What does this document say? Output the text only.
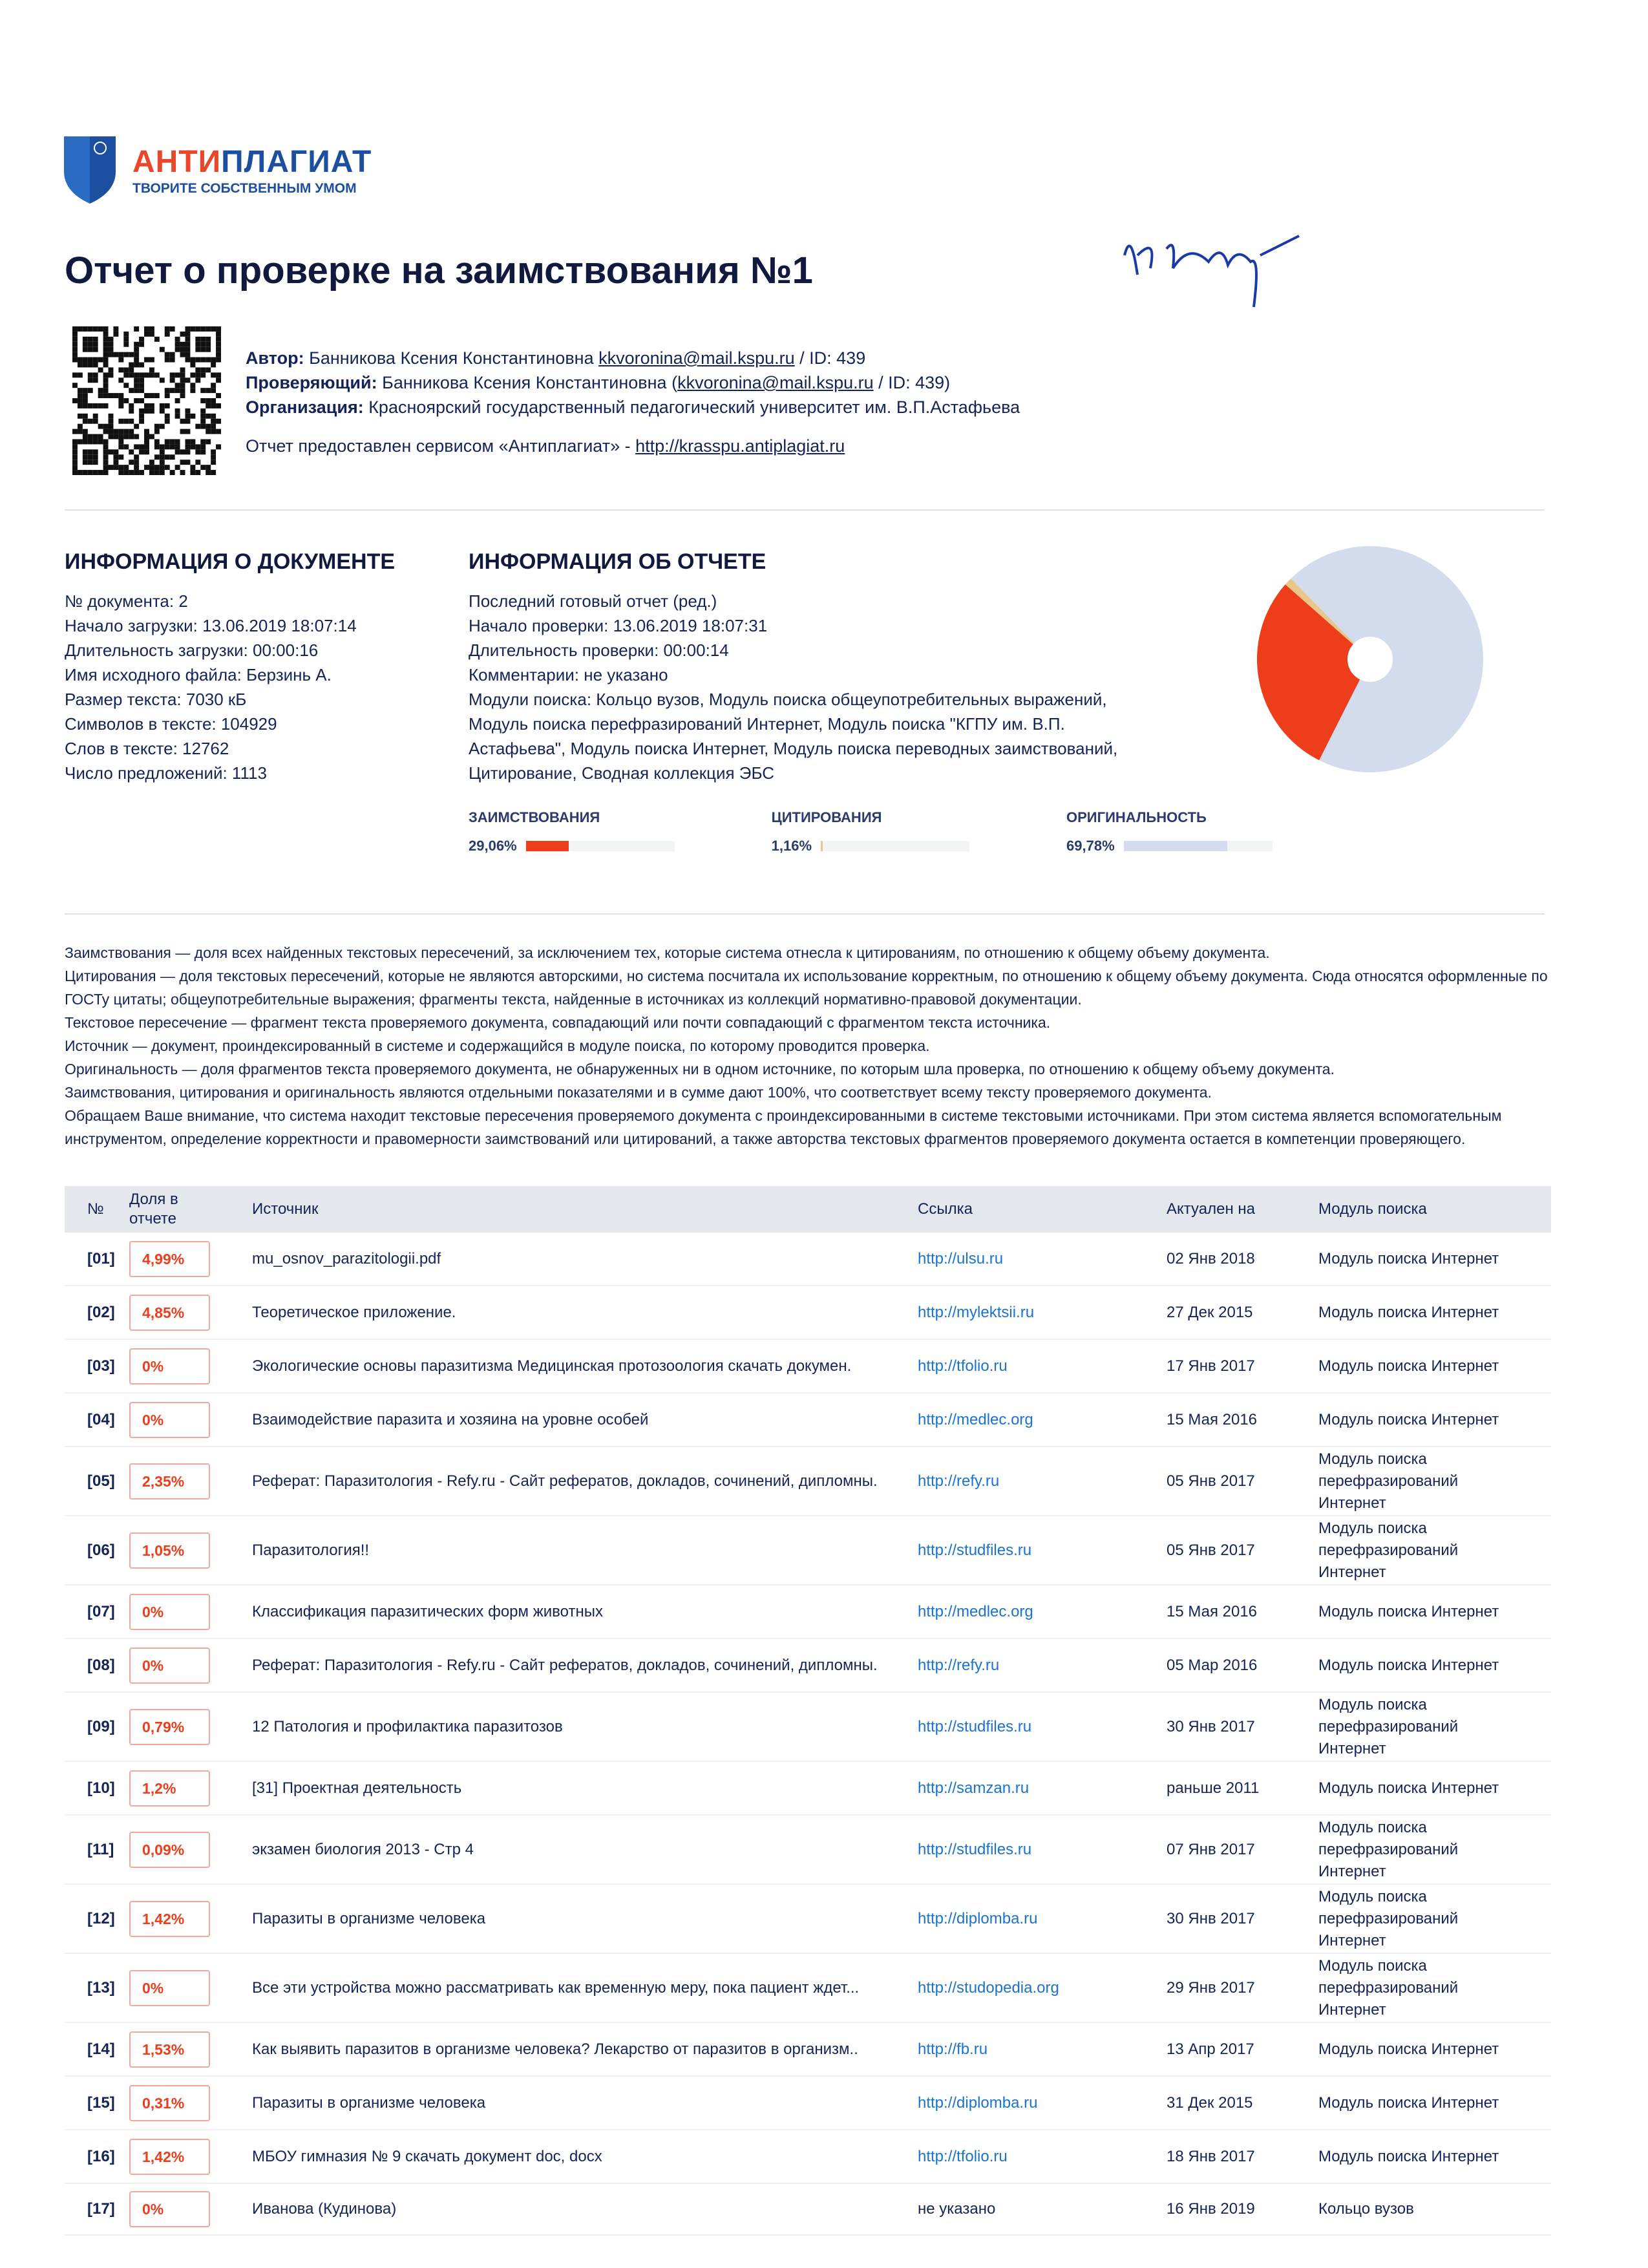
АНТИПЛАГИАТ
ТВОРИТЕ СОБСТВЕННЫМ УМОМ
Отчет о проверке на заимствования №1
Автор: Банникова Ксения Константиновна kkvoronina@mail.kspu.ru / ID: 439
Проверяющий: Банникова Ксения Константиновна (kkvoronina@mail.kspu.ru / ID: 439)
Организация: Красноярский государственный педагогический университет им. В.П.Астафьева
Отчет предоставлен сервисом «Антиплагиат» - http://krasspu.antiplagiat.ru
ИНФОРМАЦИЯ О ДОКУМЕНТЕ
№ документа: 2
Начало загрузки: 13.06.2019 18:07:14
Длительность загрузки: 00:00:16
Имя исходного файла: Берзинь А.
Размер текста: 7030 кБ
Символов в тексте: 104929
Слов в тексте: 12762
Число предложений: 1113
ИНФОРМАЦИЯ ОБ ОТЧЕТЕ
Последний готовый отчет (ред.)
Начало проверки: 13.06.2019 18:07:31
Длительность проверки: 00:00:14
Комментарии: не указано
Модули поиска: Кольцо вузов, Модуль поиска общеупотребительных выражений,
Модуль поиска перефразирований Интернет, Модуль поиска "КГПУ им. В.П.
Астафьева", Модуль поиска Интернет, Модуль поиска переводных заимствований,
Цитирование, Сводная коллекция ЭБС
ЗАИМСТВОВАНИЯ
29,06%
ЦИТИРОВАНИЯ
1,16%
ОРИГИНАЛЬНОСТЬ
69,78%
Заимствования — доля всех найденных текстовых пересечений, за исключением тех, которые система отнесла к цитированиям, по отношению к общему объему документа.
Цитирования — доля текстовых пересечений, которые не являются авторскими, но система посчитала их использование корректным, по отношению к общему объему документа. Сюда относятся оформленные по ГОСТу цитаты; общеупотребительные выражения; фрагменты текста, найденные в источниках из коллекций нормативно-правовой документации.
Текстовое пересечение — фрагмент текста проверяемого документа, совпадающий или почти совпадающий с фрагментом текста источника.
Источник — документ, проиндексированный в системе и содержащийся в модуле поиска, по которому проводится проверка.
Оригинальность — доля фрагментов текста проверяемого документа, не обнаруженных ни в одном источнике, по которым шла проверка, по отношению к общему объему документа.
Заимствования, цитирования и оригинальность являются отдельными показателями и в сумме дают 100%, что соответствует всему тексту проверяемого документа.
Обращаем Ваше внимание, что система находит текстовые пересечения проверяемого документа с проиндексированными в системе текстовыми источниками. При этом система является вспомогательным инструментом, определение корректности и правомерности заимствований или цитирований, а также авторства текстовых фрагментов проверяемого документа остается в компетенции проверяющего.
№
Доля в отчете
Источник	Ссылка	Актуален на	Модуль поиска
[01]	4,99%	mu_osnov_parazitologii.pdf	http://ulsu.ru	02 Янв 2018	Модуль поиска Интернет
[02]	4,85%	Теоретическое приложение.	http://mylektsii.ru	27 Дек 2015	Модуль поиска Интернет
[03]	0%	Экологические основы паразитизма Медицинская протозоология скачать докумен.	http://tfolio.ru	17 Янв 2017	Модуль поиска Интернет
[04]	0%	Взаимодействие паразита и хозяина на уровне особей	http://medlec.org	15 Мая 2016	Модуль поиска Интернет
[05]	2,35%	Реферат: Паразитология - Refy.ru - Сайт рефератов, докладов, сочинений, дипломны.	http://refy.ru	05 Янв 2017
Модуль поиска перефразирований Интернет
[06]	1,05%	Паразитология!!	http://studfiles.ru	05 Янв 2017
Модуль поиска перефразирований Интернет
[07]	0%	Классификация паразитических форм животных	http://medlec.org	15 Мая 2016	Модуль поиска Интернет
[08]	0%	Реферат: Паразитология - Refy.ru - Сайт рефератов, докладов, сочинений, дипломны.	http://refy.ru	05 Мар 2016	Модуль поиска Интернет
[09]	0,79%	12 Патология и профилактика паразитозов	http://studfiles.ru	30 Янв 2017
Модуль поиска перефразирований Интернет
[10]	1,2%	[31] Проектная деятельность	http://samzan.ru	раньше 2011	Модуль поиска Интернет
[11]	0,09%	экзамен биология 2013 - Стр 4	http://studfiles.ru	07 Янв 2017
Модуль поиска перефразирований Интернет
[12]	1,42%	Паразиты в организме человека	http://diplomba.ru	30 Янв 2017
Модуль поиска перефразирований Интернет
[13]	0%	Все эти устройства можно рассматривать как временную меру, пока пациент ждет...	http://studopedia.org	29 Янв 2017
Модуль поиска перефразирований Интернет
[14]	1,53%	Как выявить паразитов в организме человека? Лекарство от паразитов в организм..	http://fb.ru	13 Апр 2017	Модуль поиска Интернет
[15]	0,31%	Паразиты в организме человека	http://diplomba.ru	31 Дек 2015	Модуль поиска Интернет
[16]	1,42%	МБОУ гимназия № 9 скачать документ doc, docx	http://tfolio.ru	18 Янв 2017	Модуль поиска Интернет
[17]	0%	Иванова (Кудинова)	не указано	16 Янв 2019	Кольцо вузов
